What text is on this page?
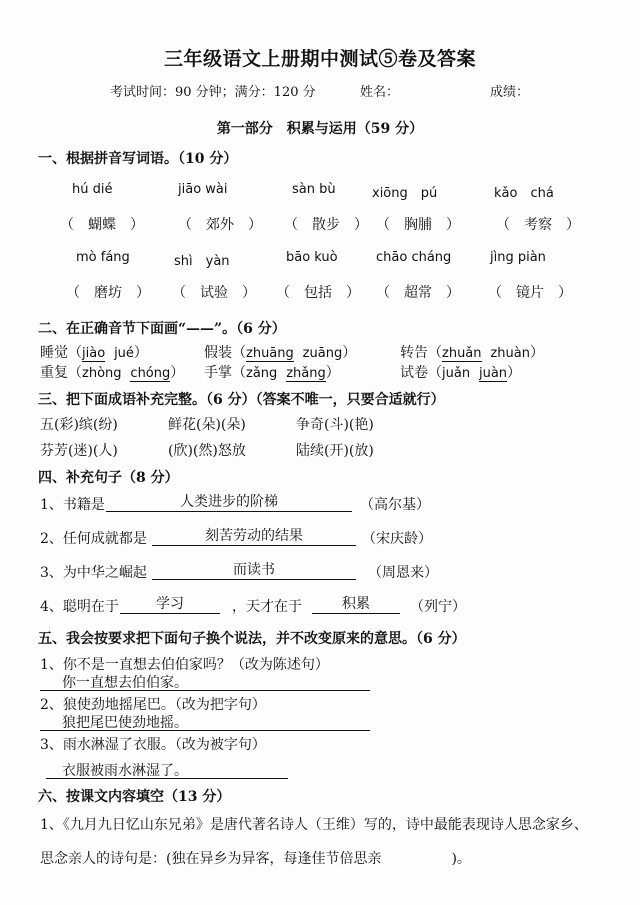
三年级语文上册期中测试⑤卷及答案
考试时间：90 分钟；满分：120 分	姓名：	成绩：
第一部分　积累与运用（59 分）
一、根据拼音写词语。（10 分）
hú dié	jiāo wài	sàn bù	xiōng　pú	kǎo　chá
（　蝴蝶　） （　郊外　） （　散步　） （　胸脯　）	（　考察　）
mò fáng	shì　yàn	bāo kuò	chāo cháng	jìng piàn
（　磨坊　） （　试验　） （　包括　） （　超常　） （　镜片　）
二、在正确音节下面画“——”。（6 分）
睡觉（jiào jué）	假装（zhuāng zuāng）	转告（zhuǎn zhuàn）
重复（zhòng chóng） 手掌（zǎng zhǎng）	试卷（juǎn juàn）
三、把下面成语补充完整。（6 分）（答案不唯一，只要合适就行）
五(彩)缤(纷)	鲜花(朵)(朵)	争奇(斗)(艳)
芬芳(迷)(人)	(欣)(然)怒放	陆续(开)(放)
四、补充句子（8 分）
1、书籍是	人类进步的阶梯	（高尔基）
2、任何成就都是	刻苦劳动的结果	（宋庆龄）
3、为中华之崛起	而读书	（周恩来）
4、聪明在于	学习	，天才在于	积累	（列宁）
五、我会按要求把下面句子换个说法，并不改变原来的意思。（6 分）
1、你不是一直想去伯伯家吗？（改为陈述句）
你一直想去伯伯家。
2、狼使劲地摇尾巴。（改为把字句）
狼把尾巴使劲地摇。
3、雨水淋湿了衣服。（改为被字句）
衣服被雨水淋湿了。
六、按课文内容填空（13 分）
1、《九月九日忆山东兄弟》是唐代著名诗人（王维）写的，诗中最能表现诗人思念家乡、
思念亲人的诗句是：(独在异乡为异客，每逢佳节倍思亲　　　　　)。
